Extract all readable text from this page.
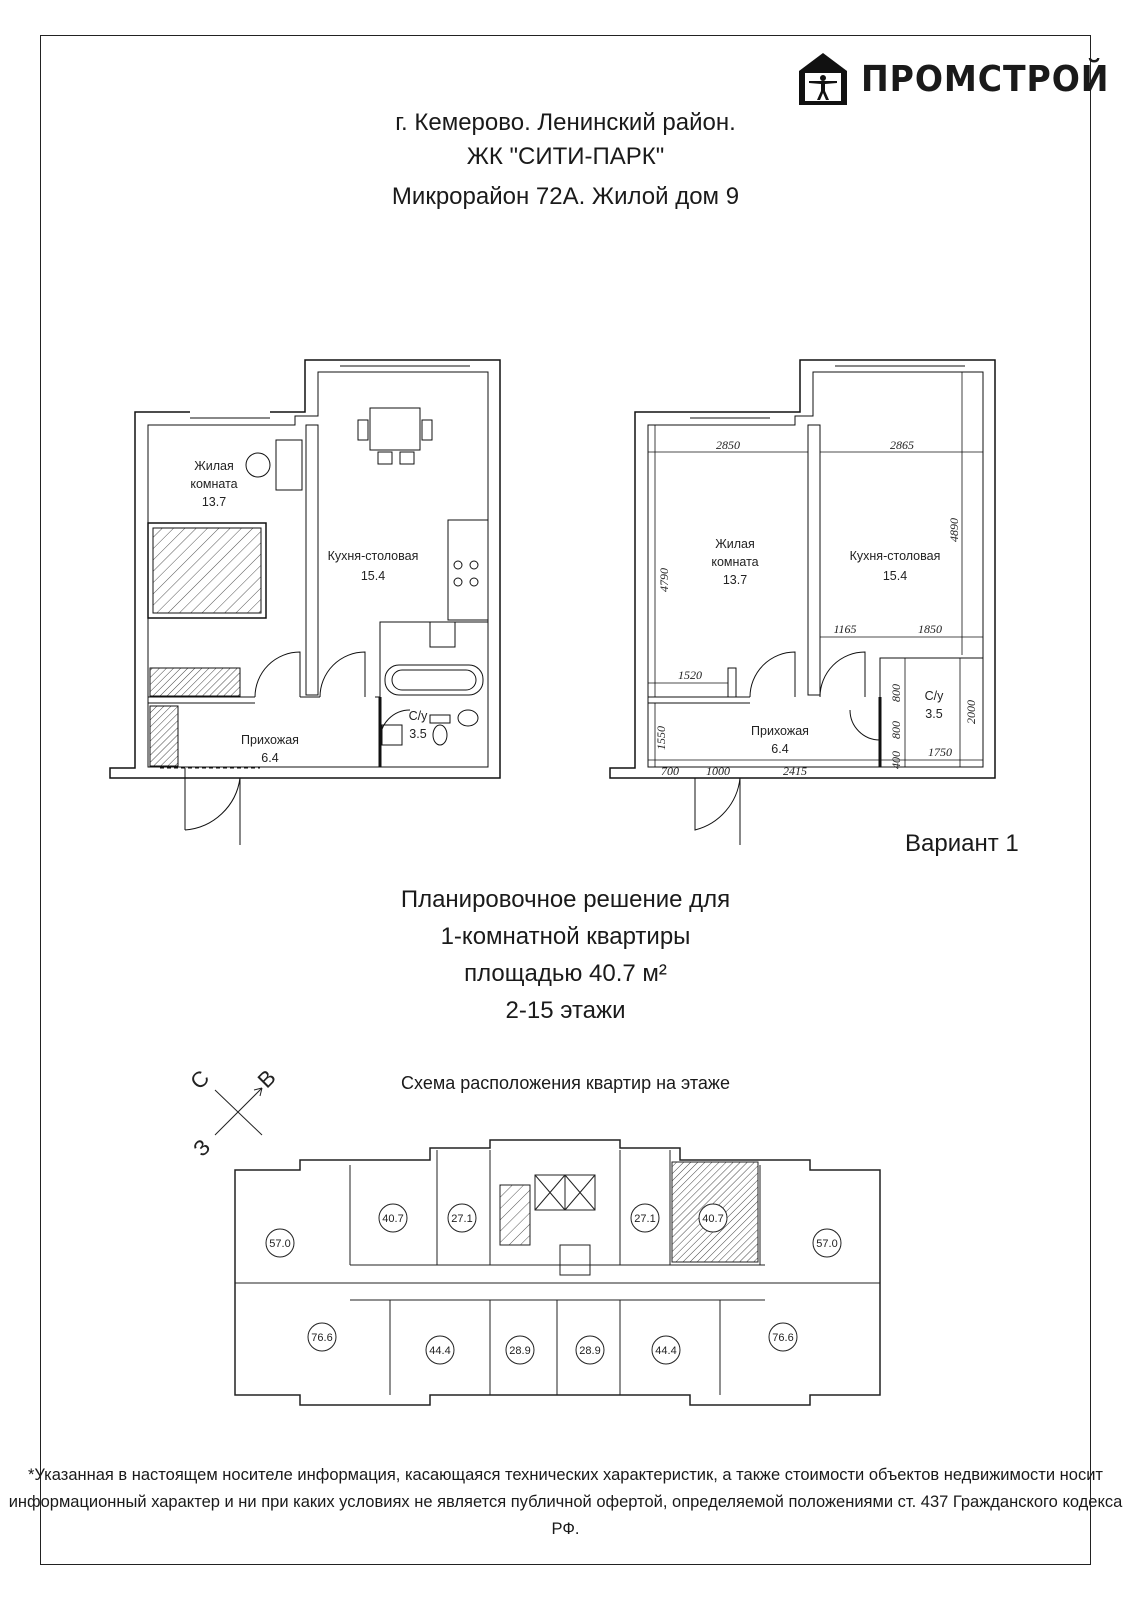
ПРОМСТРОЙ
г. Кемерово. Ленинский район.
ЖК "СИТИ-ПАРК"
Микрорайон 72А. Жилой дом 9
Жилая
комната
13.7
Кухня-столовая
15.4
Прихожая
6.4
С/у
3.5
Жилая
комната
13.7
Кухня-столовая
15.4
Прихожая
6.4
С/у
3.5
2850	2865
4790
4890
1165	1850
1520
1550
700 1000	2415
800
800
400 1750
2000
С В
З
57.0
40.7	27.1	27.1	40.7
57.0
76.6
44.4	28.9	28.9	44.4
76.6
Вариант 1
Планировочное решение для
1-комнатной квартиры
площадью 40.7 м²
2-15 этажи
Схема расположения квартир на этаже
*Указанная в настоящем носителе информация, касающаяся технических характеристик, а также стоимости объектов недвижимости носит
информационный характер и ни при каких условиях не является публичной офертой, определяемой положениями ст. 437 Гражданского кодекса РФ.
